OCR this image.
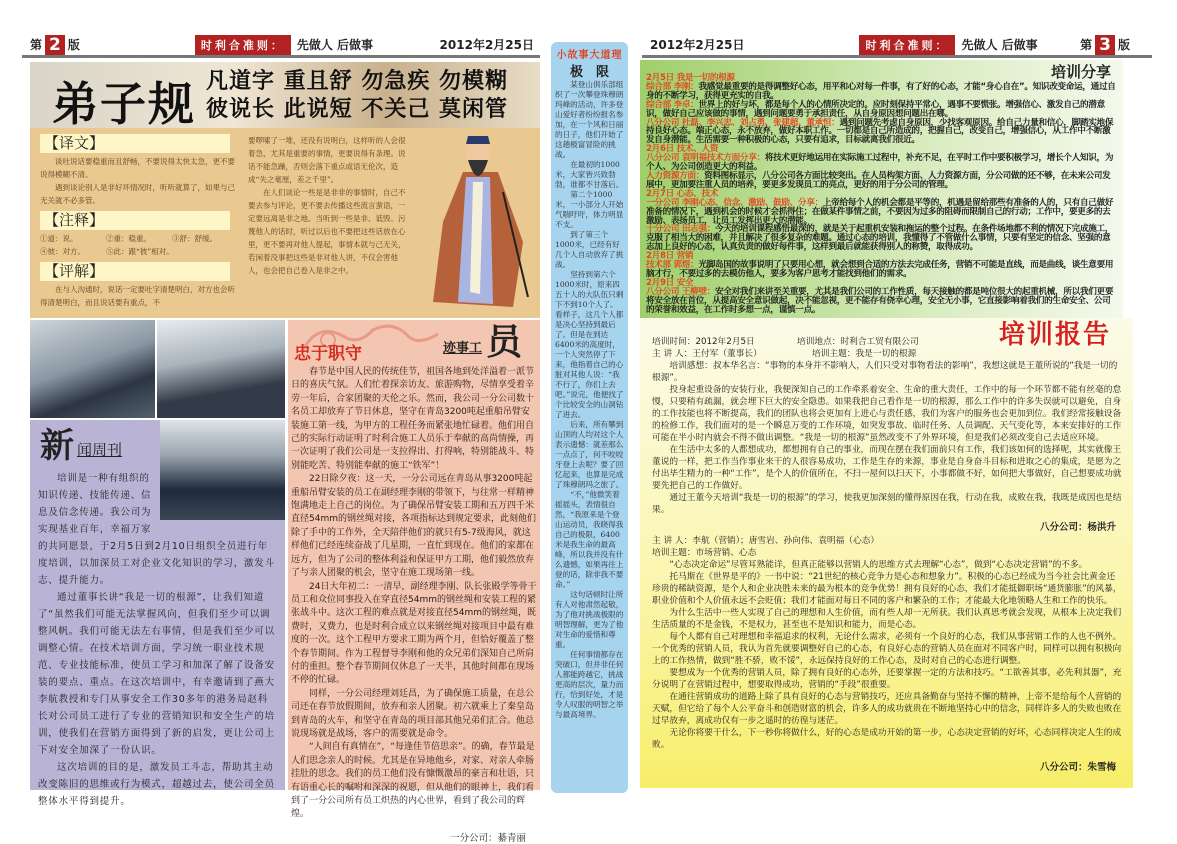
第 2 版	时利合准则：	先做人 后做事	2012年2月25日	2012年2月25日	时利合准则：	先做人 后做事	第 3 版
弟子规 凡道字 重且舒 勿急疾 勿模糊
彼说长 此说短 不关己 莫闲管
【译文】

谈吐说话要稳重而且舒畅，不要说得太快太急，更不要说得模糊不清。

遇到谈论别人是非好坏情况时，听听就算了，如果与己无关就不必多管。

【注释】
①道：说。	②重：稳重。	③舒：舒缓。
④彼：对方。	⑤此：跟“彼”相对。
【评解】

在与人沟通时，说话一定要吐字清楚明白，对方也会听得清楚明白，而且说话要有重点，不

要啰嗦了一堆，还没有说明白，这样听的人会很着急，尤其是重要的事情，更要说得有条理。说话不能急躁，否则会落下重点或语无伦次，造成“失之毫厘，差之千里”。

在人们谈论一些是是非非的事情时，自己不要去参与评论，更不要去传播这些流言蜚语，一定要远离是非之地。当听到一些是非、诋毁、污蔑他人的话时，听过以后也不要把这些话放在心里，更不要再对他人提起，事情本就与己无关，若闲着没事把这些是非对他人讲，不仅会害他人，也会把自己卷入是非之中。

新 闻周刊

培训是一种有组织的知识传递、技能传递、信息及信念传递。我公司为实现基业百年，幸福万家

的共同愿景，于2月5日到2月10日组织全员进行年度培训，以加深员工对企业文化知识的学习，激发斗志、提升能力。

通过董事长讲“我是一切的根源”，让我们知道了“虽然我们可能无法掌握风向，但我们至少可以调整风帆。我们可能无法左右事情，但是我们至少可以调整心情。在技术培训方面，学习统一职业技术规范、专业技能标准，使员工学习和加深了解了设备安装的要点、重点。在这次培训中，有幸邀请到了燕大李航教授和专门从事安全工作30多年的港务局赵科长对公司员工进行了专业的营销知识和安全生产的培训，使我们在营销方面得到了新的启发，更让公司上下对安全加深了一份认识。

这次培训的目的是，激发员工斗志，帮助其主动改变陈旧的思维或行为模式，超越过去，使公司全员整体水平得到提升。

忠于职守	迹事工 员

春节是中国人民的传统佳节，祖国各地到处洋溢着一派节日的喜庆气氛。人们忙着探亲访友、旅游购物，尽情享受着辛劳一年后，合家团聚的天伦之乐。然而，我公司一分公司数十名员工却放弃了节日休息，坚守在青岛3200吨起重船吊臂安装施工第一线，为甲方的工程任务而紧张地忙碌着。他们用自己的实际行动证明了时利合施工人员乐于奉献的高尚情操，再一次证明了我们公司是一支拉得出、打得响，特别能战斗、特别能吃苦、特别能奉献的施工“铁军”！

22日除夕夜：这一天，一分公司远在青岛从事3200吨起重船吊臂安装的员工在副经理李刚的带领下，与往常一样精神饱满地走上自己的岗位。为了确保吊臂安装工期和五万四千米直径54mm的钢丝绳对接，各项指标达到规定要求，此刻他们除了手中的工作外，全天陪伴他们的就只有5-7级海风，就这样他们已经连续奋战了几星期，一直忙到现在。他们的家都在远方，但为了公司的整体利益和保证甲方工期，他们毅然放弃了与亲人团聚的机会，坚守在施工现场第一线。

24日大年初二：一清早，副经理李刚、队长张殿学等骨干员工和众位同事投入在穿直径54mm的钢丝绳和安装工程的紧张战斗中。这次工程的难点就是对接直径54mm的钢丝绳，既费时，又费力，也是时利合成立以来钢丝绳对接项目中最有难度的一次。这个工程甲方要求工期为两个月，但恰好覆盖了整个春节期间。作为工程督导李刚和他的众兄弟们深知自己所肩付的重担。整个春节期间仅休息了一天半，其他时间都在现场不停的忙碌。

同样，一分公司经理刘廷昌，为了确保施工质量，在总公司还在春节放假期间，放弃和亲人团聚。初六就乘上了秦皇岛到青岛的火车，和坚守在青岛的项目部其他兄弟们汇合。他总说现场就是战场，客户的需要就是命令。

“人间自有真情在”，“每逢佳节倍思亲”。的确，春节最是人们思念亲人的时候。尤其是在异地他乡，对家、对亲人牵肠挂肚的思念。我们的员工他们没有慷慨激昂的豪言和壮语，只有语重心长的嘱咐和深深的祝愿，但从他们的眼神上，我们看到了一分公司所有员工炽热的内心世界，看到了我公司的辉煌。

一分公司：綦青丽

小故事大道理
极　限

某登山俱乐部组织了一次攀登珠穆朗玛峰的活动，许多登山爱好者纷纷报名参加，在一个风和日丽的日子，他们开始了这趟极富冒险的挑战。

在最初的1000米，大家皆兴致勃勃，谁都不甘落后。

第二个1000米，一小部分人开始气喘吁吁，体力明显不支。

到了第三个1000米，已经有好几个人自动放弃了挑战。

坚持到第六个1000米时，原来四五十人的大队伍只剩下不到10个人了。看样子，这几个人都是决心坚持到最后了。但是在到达6400米的高度时，一个人突然停了下来，他指着自己的心脏对其他人说：“我不行了，你们上去吧。”说完，他便找了个比较安全的山洞钻了进去。

后来，所有攀到山顶的人均对这个人表示遗憾：就差那么一点点了，何不咬咬牙登上去呢？要了回忆起来，也算是完成了珠穆朗玛之旅了。

“不，”他微笑着摇摇头，表情很自然，“我原来是个登山运动员，我晓得我自己的极限，6400米是我生命的最高峰，所以我并没有什么遗憾，如果再往上登的话，除非我不要命。”

这句话顿时让所有人对他肃然起敬，为了他对挑战极限的明智理解，更为了他对生命的爱惜和尊重。

任何事情都存在突破口，但并非任何人都能跨越它，挑战更高的层次，量力而行，恰到好处，才是令人叹服的明智之举与最高境界。

培训分享
2月5日 我是一切的根源

综合部 李刚：我感觉最重要的是得调整好心态，用平和心对每一件事，有了好的心态，才能“身心自在”。知识改变命运，通过自身的不断学习，获得更充实的自我。

综合部 李卓：世界上的好与坏，都是每个人的心情所决定的。应时刻保持平常心，遇事不要慌张。增强信心、激发自己的潜意识，做好自己应该做的事情，遇到问题要勇于承担责任，从自身原因想问题出在哪。

八分公司 杜磊、李兴忠、刘占勇、张建超、董承恒：遇到问题先考虑自身原因，少找客观原因。给自己力量和信心，脚踏实地保持良好心态。端正心态，永不放弃，做好本职工作。一切都是自己所造成的，把握自己，改变自己，增强信心，从工作中不断激发自身潜能。生活需要一种积极的心态，只要有追求，目标就离我们很近。

2月6日 技术、人资

八分公司 袁明福技术方面分享：将技术更好地运用在实际施工过程中，补充不足，在平时工作中要积极学习，增长个人知识，为个人、为公司创造更大的利益。

人力资源方面：资料图标显示，八分公司各方面比较突出。在人员构架方面、人力资源方面，分公司做的还不够，在未来公司发展中，更加要注重人员的培养，要更多发现员工的亮点，更好的用于分公司的管理。

2月7日 心态、技术

一分公司 李刚心态、信念、激励、鼓励、分享：上帝给每个人的机会都是平等的，机遇是留给那些有准备的人的，只有自己做好准备的情况下，遇到机会的时候才会抓得住；在做某件事情之前，不要因为过多的阻碍而限制自己的行动；工作中，要更多的去激励、表扬员工，让员工发挥出更大的潜能。

十分公司 田志强：今天的培训课程感悟最深的，就是关于起重机安装和拖运的整个过程。在条件场地都不利的情况下完成施工，克服了相当大的困难，并且解决了很多复杂的难题。通过心态的培训，我懂得了不管做什么事情，只要有坚定的信念、坚强的意志加上良好的心态，认真负责的做好每件事，这样到最后就能获得别人的称赞，取得成功。

2月8日 营销

技术部 郭煜：光脚岛国的故事说明了只要用心想，就会想到合适的方法去完成任务，营销不可能是直线，而是曲线，谈生意要用脑才行，不要过多的去模仿他人，要多为客户思考才能找到他们的需求。

2月9日 安全

八分公司 王柳壁：安全对我们来讲至关重要，尤其是我们公司的工作性质，每天接触的都是吨位很大的起重机械，所以我们更要将安全放在首位，从提高安全意识做起，决不能忽视，更不能存有侥幸心理，安全无小事，它直接影响着我们的生命安全、公司的荣誉和效益，在工作时多想一点，谨慎一点。

培训报告
培训时间：2012年2月5日	培训地点：时利合工贸有限公司
主 讲 人：王付军（董事长）	培训主题：我是一切的根源

培训感想：叔本华名言：“事物的本身并不影响人，人们只受对事物看法的影响”，我想这就是王董所说的“我是一切的根源”。

投身起重设备的安装行业，我便深知自己的工作牵系着安全、生命的重大责任，工作中的每一个环节都不能有丝毫的怠慢，只要稍有疏漏，就会埋下巨大的安全隐患。如果我把自己看作是一切的根源，那么工作中的许多失误就可以避免，自身的工作技能也将不断提高，我们的团队也将会更加有上进心与责任感，我们为客户的服务也会更加到位。我们经常接触设备的检修工作，我们面对的是一个瞬息万变的工作环境，如突发事故、临时任务、人员调配、天气变化等，本来安排好的工作可能在半小时内就会不得不做出调整。“我是一切的根源”虽然改变不了外界环境，但是我们必须改变自己去适应环境。

在生活中太多的人都想成功，都想拥有自己的事业，而现在摆在我们面前只有工作，我们该如何的选择呢，其实就像王董说的一样，把工作当作事业来干的人很容易成功，工作是生存的来源，事业是自身奋斗目标和进取之心的集成，是愿为之付出毕生精力的一种“工作”，是个人的价值所在，不扫一屋何以扫天下，小事都做不好，如何把大事做好，自己想要成功就要先把自己的工作做好。

通过王董今天培训“我是一切的根源”的学习，使我更加深刻的懂得原因在我，行动在我，成败在我，我既是成因也是结果。

八分公司：杨洪升

主 讲 人：李航（营销）；唐雪岩、孙向伟、袁明福（心态）
培训主题：市场营销、心态

“心态决定命运”尽管耳熟能详，但真正能够以营销人的思维方式去理解“心态”，做到“心态决定营销”的不多。

托马斯在《世界是平的》一书中说：“21世纪的核心竞争力是心态和想象力”。积极的心态已经成为当今社会比黄金还珍贵的稀缺资源，是个人和企业决胜未来的最为根本的竞争优势！拥有良好的心态，我们才能抵御职场“通货膨胀”的风暴，职业价值和个人价值永远不会贬值；我们才能面对每日不同的客户和繁杂的工作；才能最大化地领略人生和工作的快乐。

为什么生活中一些人实现了自己的理想和人生价值，而有些人却一无所获。我们认真思考就会发现，从根本上决定我们生活质量的不是金钱，不是权力，甚至也不是知识和能力，而是心态。

每个人都有自己对理想和幸福追求的权利，无论什么需求，必须有一个良好的心态，我们从事营销工作的人也不例外。一个优秀的营销人员，我认为首先就要调整好自己的心态，有良好心态的营销人员在面对不同客户时，同样可以拥有积极向上的工作热情，做到“胜不骄，败不馁”，永远保持良好的工作心态，及时对自己的心态进行调整。

要想成为一个优秀的营销人员，除了拥有良好的心态外，还要掌握一定的方法和技巧。“工欲善其事，必先利其器”，充分说明了在营销过程中，想要取得成功，营销的“手段”很重要。

在通往营销成功的道路上除了具有良好的心态与营销技巧，还应具备勤奋与坚持不懈的精神，上帝不是给每个人营销的天赋，但它给了每个人公平奋斗和创造财富的机会，许多人的成功就贵在不断地坚持心中的信念，同样许多人的失败也败在过早放弃，离成功仅有一步之遥时的彷徨与迷茫。

无论你将要干什么，下一秒你将做什么，好的心态是成功开始的第一步，心态决定营销的好坏，心态同样决定人生的成败。

八分公司：朱雪梅
